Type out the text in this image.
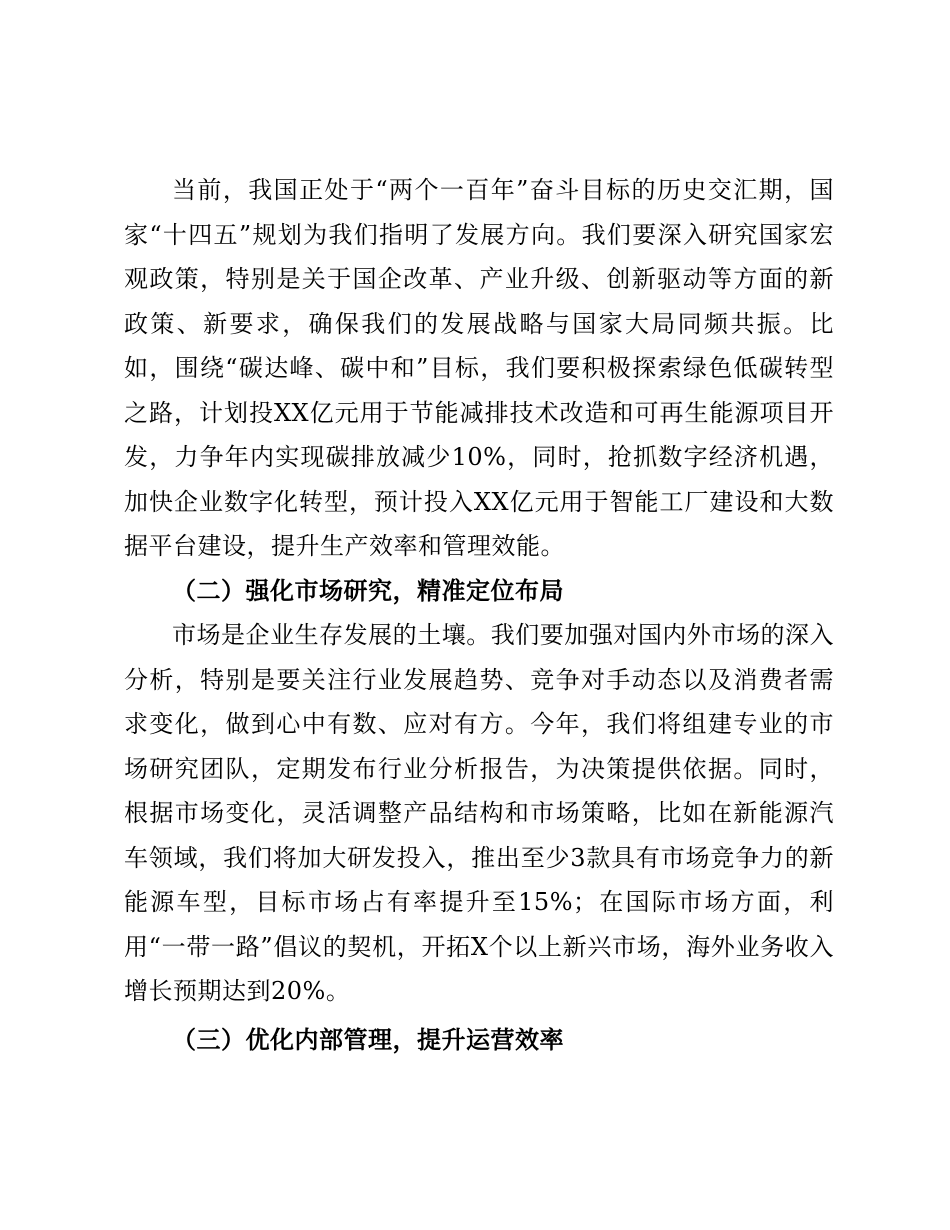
当前，我国正处于“两个一百年”奋斗目标的历史交汇期，国家“十四五”规划为我们指明了发展方向。我们要深入研究国家宏观政策，特别是关于国企改革、产业升级、创新驱动等方面的新政策、新要求，确保我们的发展战略与国家大局同频共振。比如，围绕“碳达峰、碳中和”目标，我们要积极探索绿色低碳转型之路，计划投XX亿元用于节能减排技术改造和可再生能源项目开发，力争年内实现碳排放减少10%，同时，抢抓数字经济机遇，加快企业数字化转型，预计投入XX亿元用于智能工厂建设和大数据平台建设，提升生产效率和管理效能。

（二）强化市场研究，精准定位布局

市场是企业生存发展的土壤。我们要加强对国内外市场的深入分析，特别是要关注行业发展趋势、竞争对手动态以及消费者需求变化，做到心中有数、应对有方。今年，我们将组建专业的市场研究团队，定期发布行业分析报告，为决策提供依据。同时，根据市场变化，灵活调整产品结构和市场策略，比如在新能源汽车领域，我们将加大研发投入，推出至少3款具有市场竞争力的新能源车型，目标市场占有率提升至15%；在国际市场方面，利用“一带一路”倡议的契机，开拓X个以上新兴市场，海外业务收入增长预期达到20%。

（三）优化内部管理，提升运营效率
